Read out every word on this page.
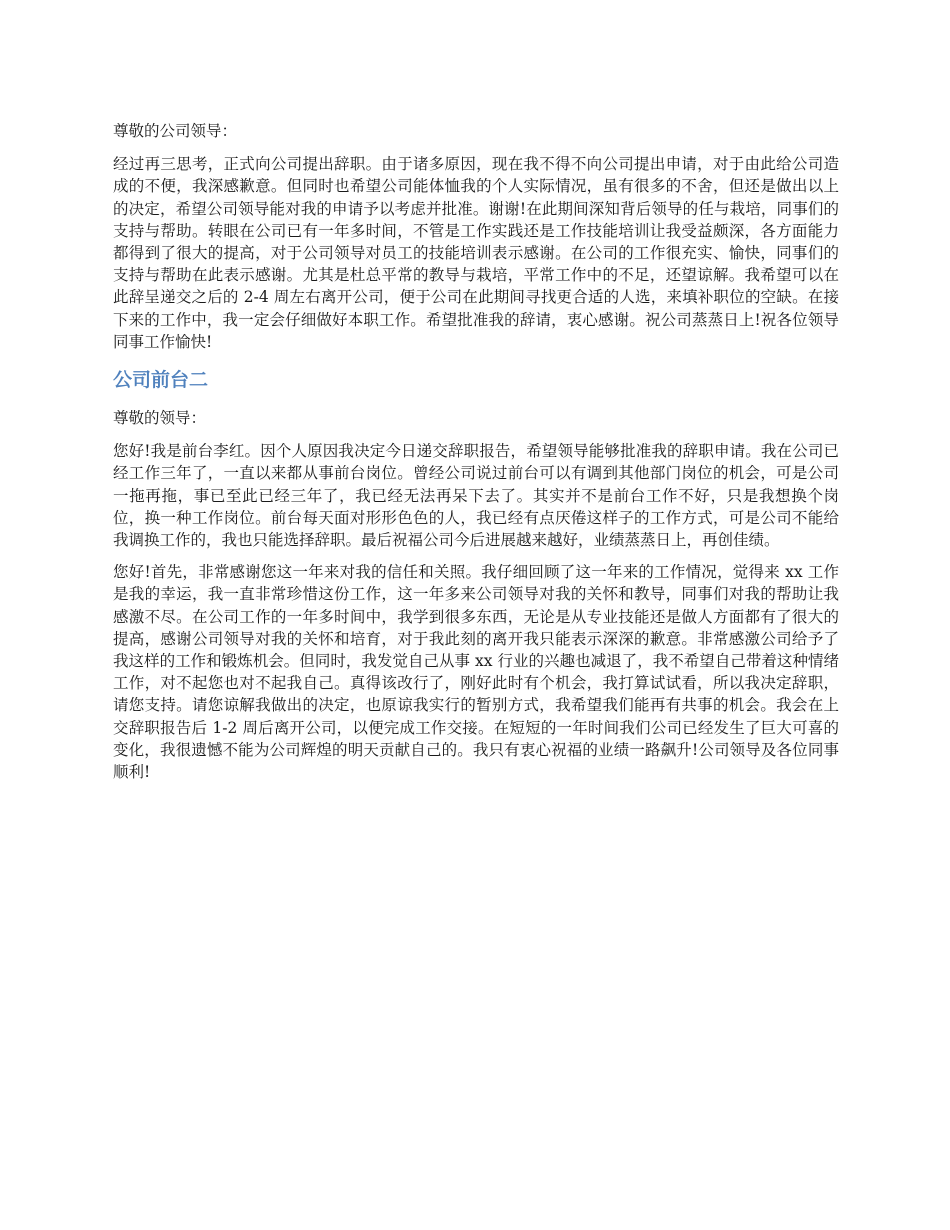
尊敬的公司领导：

经过再三思考，正式向公司提出辞职。由于诸多原因，现在我不得不向公司提出申请，对于由此给公司造成的不便，我深感歉意。但同时也希望公司能体恤我的个人实际情况，虽有很多的不舍，但还是做出以上的决定，希望公司领导能对我的申请予以考虑并批准。谢谢!在此期间深知背后领导的任与栽培，同事们的支持与帮助。转眼在公司已有一年多时间，不管是工作实践还是工作技能培训让我受益颇深，各方面能力都得到了很大的提高，对于公司领导对员工的技能培训表示感谢。在公司的工作很充实、愉快，同事们的支持与帮助在此表示感谢。尤其是杜总平常的教导与栽培，平常工作中的不足，还望谅解。我希望可以在此辞呈递交之后的 2-4 周左右离开公司，便于公司在此期间寻找更合适的人选，来填补职位的空缺。在接下来的工作中，我一定会仔细做好本职工作。希望批准我的辞请，衷心感谢。祝公司蒸蒸日上!祝各位领导同事工作愉快!

公司前台二

尊敬的领导：

您好!我是前台李红。因个人原因我决定今日递交辞职报告，希望领导能够批准我的辞职申请。我在公司已经工作三年了，一直以来都从事前台岗位。曾经公司说过前台可以有调到其他部门岗位的机会，可是公司一拖再拖，事已至此已经三年了，我已经无法再呆下去了。其实并不是前台工作不好，只是我想换个岗位，换一种工作岗位。前台每天面对形形色色的人，我已经有点厌倦这样子的工作方式，可是公司不能给我调换工作的，我也只能选择辞职。最后祝福公司今后进展越来越好，业绩蒸蒸日上，再创佳绩。

您好!首先，非常感谢您这一年来对我的信任和关照。我仔细回顾了这一年来的工作情况，觉得来 xx 工作是我的幸运，我一直非常珍惜这份工作，这一年多来公司领导对我的关怀和教导，同事们对我的帮助让我感激不尽。在公司工作的一年多时间中，我学到很多东西，无论是从专业技能还是做人方面都有了很大的提高，感谢公司领导对我的关怀和培育，对于我此刻的离开我只能表示深深的歉意。非常感激公司给予了我这样的工作和锻炼机会。但同时，我发觉自己从事 xx 行业的兴趣也减退了，我不希望自己带着这种情绪工作，对不起您也对不起我自己。真得该改行了，刚好此时有个机会，我打算试试看，所以我决定辞职，请您支持。请您谅解我做出的决定，也原谅我实行的暂别方式，我希望我们能再有共事的机会。我会在上交辞职报告后 1-2 周后离开公司，以便完成工作交接。在短短的一年时间我们公司已经发生了巨大可喜的变化，我很遗憾不能为公司辉煌的明天贡献自己的。我只有衷心祝福的业绩一路飙升!公司领导及各位同事顺利!
